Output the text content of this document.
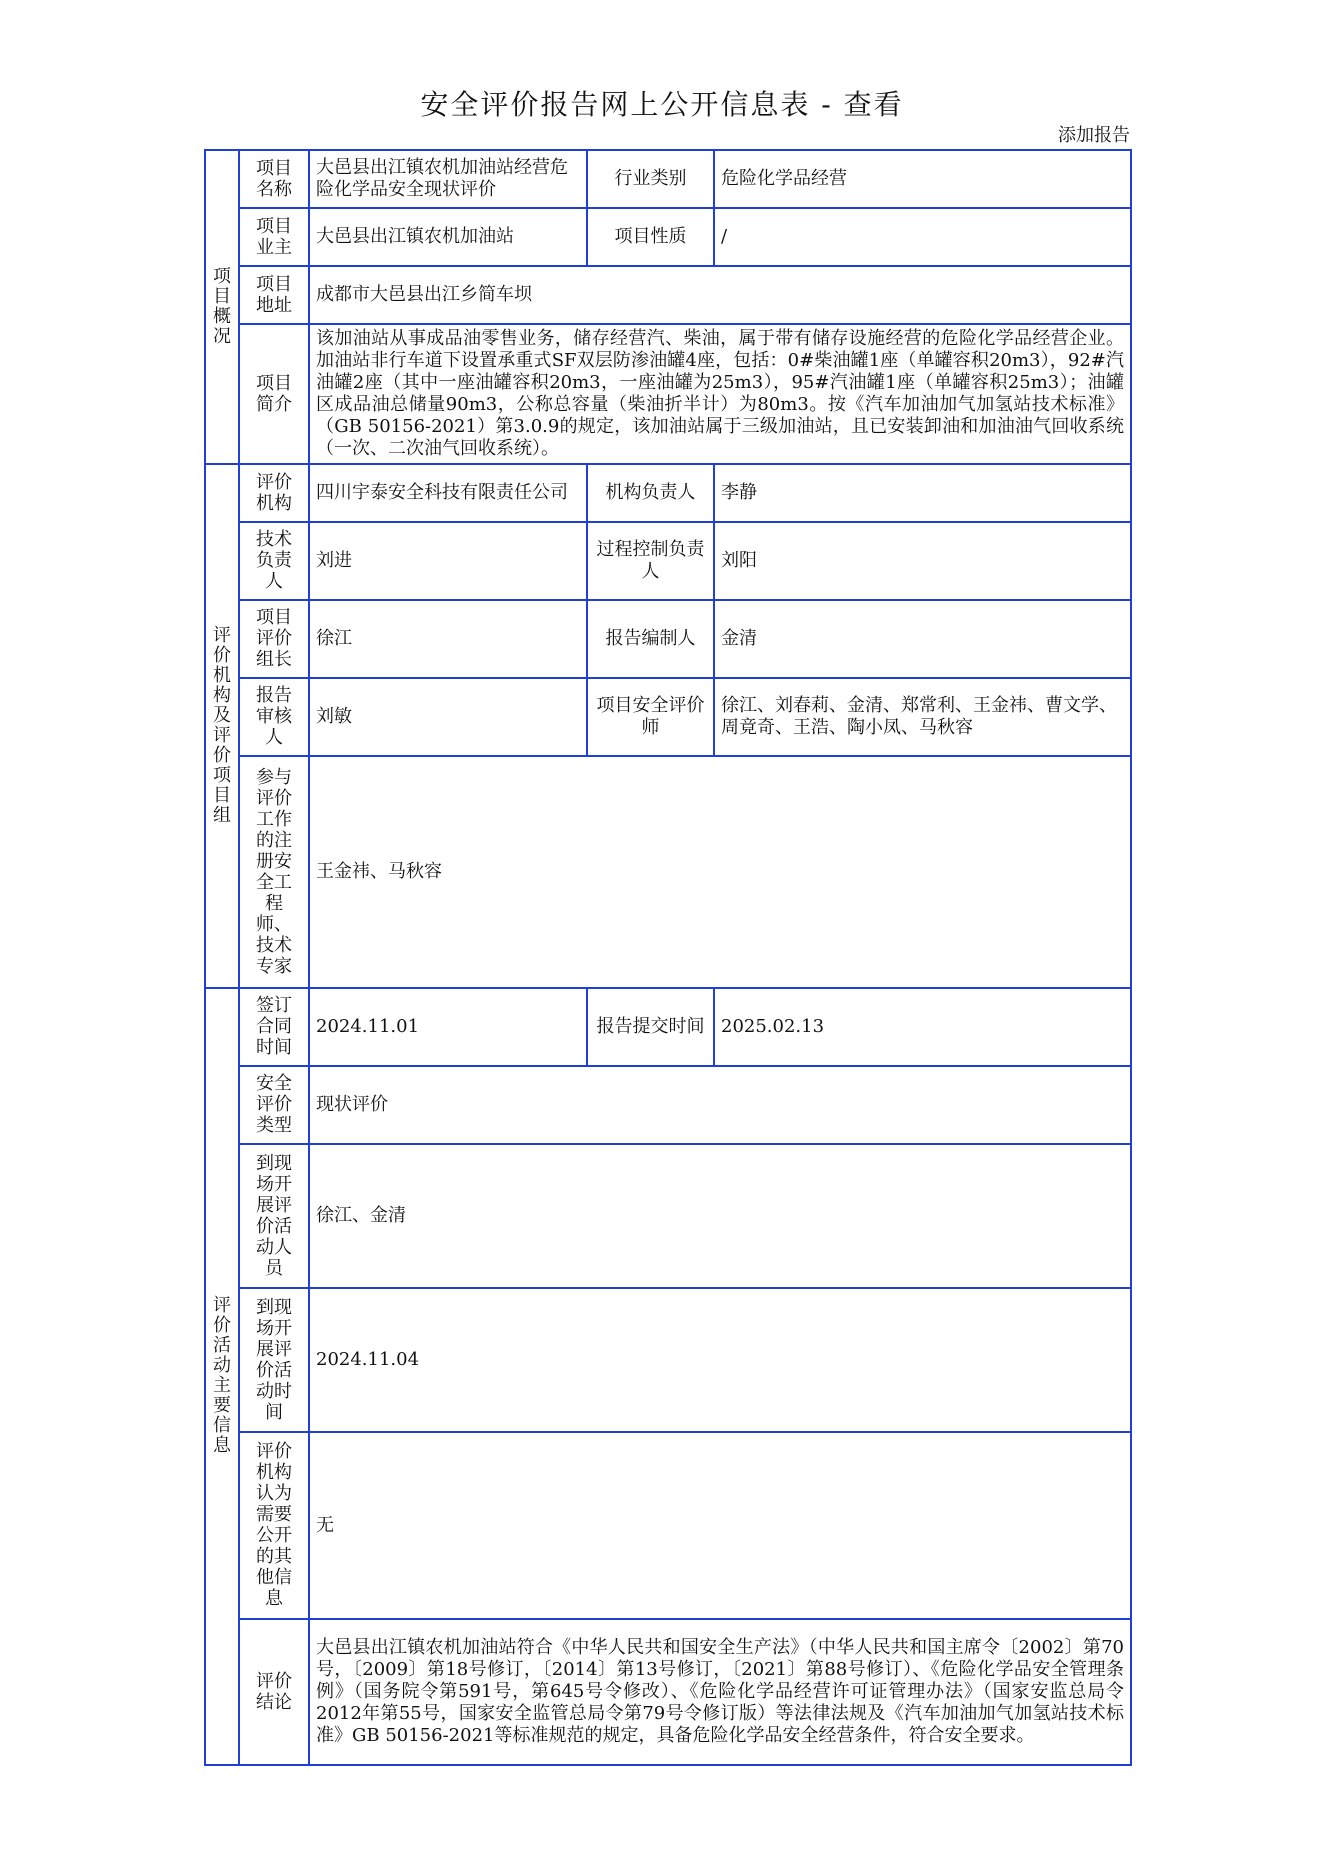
安全评价报告网上公开信息表 - 查看
添加报告
项目概况	项目名称	大邑县出江镇农机加油站经营危险化学品安全现状评价	行业类别	危险化学品经营
	项目业主	大邑县出江镇农机加油站	项目性质	/
	项目地址	成都市大邑县出江乡简车坝		
	项目简介	该加油站从事成品油零售业务，储存经营汽、柴油，属于带有储存设施经营的危险化学品经营企业。加油站非行车道下设置承重式SF双层防渗油罐4座，包括：0#柴油罐1座（单罐容积20m3），92#汽油罐2座（其中一座油罐容积20m3，一座油罐为25m3），95#汽油罐1座（单罐容积25m3）；油罐区成品油总储量90m3，公称总容量（柴油折半计）为80m3。按《汽车加油加气加氢站技术标准》（GB 50156-2021）第3.0.9的规定，该加油站属于三级加油站，且已安装卸油和加油油气回收系统（一次、二次油气回收系统）。		
评价机构及评价项目组	评价机构	四川宇泰安全科技有限责任公司	机构负责人	李静
	技术负责人	刘进	过程控制负责人	刘阳
	项目评价组长	徐江	报告编制人	金清
	报告审核人	刘敏	项目安全评价师	徐江、刘春莉、金清、郑常利、王金祎、曹文学、周竟奇、王浩、陶小凤、马秋容
	参与评价工作的注册安全工程师、技术专家	王金祎、马秋容		
评价活动主要信息	签订合同时间	2024.11.01	报告提交时间	2025.02.13
	安全评价类型	现状评价		
	到现场开展评价活动人员	徐江、金清		
	到现场开展评价活动时间	2024.11.04		
	评价机构认为需要公开的其他信息	无		
	评价结论	大邑县出江镇农机加油站符合《中华人民共和国安全生产法》（中华人民共和国主席令〔2002〕第70号，〔2009〕第18号修订，〔2014〕第13号修订，〔2021〕第88号修订）、《危险化学品安全管理条例》（国务院令第591号，第645号令修改）、《危险化学品经营许可证管理办法》（国家安监总局令2012年第55号，国家安全监管总局令第79号令修订版）等法律法规及《汽车加油加气加氢站技术标准》GB 50156-2021等标准规范的规定，具备危险化学品安全经营条件，符合安全要求。		
